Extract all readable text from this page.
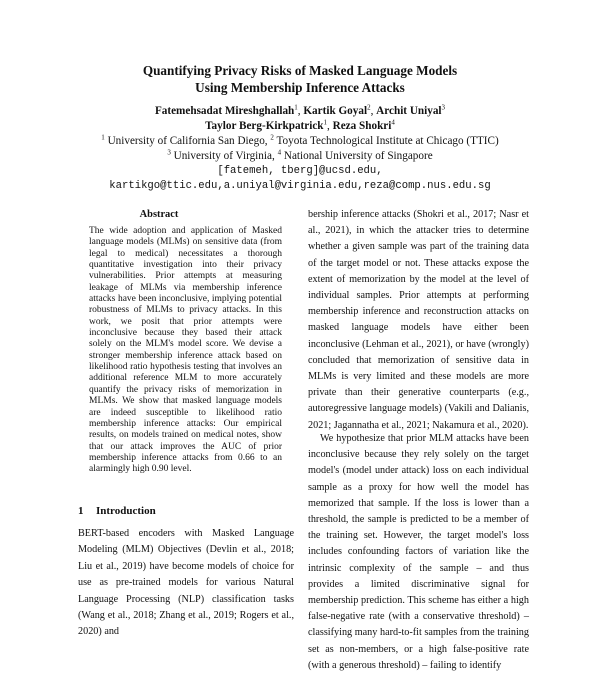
Quantifying Privacy Risks of Masked Language Models
Using Membership Inference Attacks
Fatemehsadat Mireshghallah$^1$, Kartik Goyal$^2$, Archit Uniyal$^3$
Taylor Berg-Kirkpatrick$^1$, Reza Shokri$^4$
$^1$ University of California San Diego, $^2$ Toyota Technological Institute at Chicago (TTIC)
$^3$ University of Virginia, $^4$ National University of Singapore
[fatemeh, tberg]@ucsd.edu,
kartikgo@ttic.edu,a.uniyal@virginia.edu,reza@comp.nus.edu.sg
Abstract
The wide adoption and application of Masked language models (MLMs) on sensitive data (from legal to medical) necessitates a thorough quantitative investigation into their privacy vulnerabilities. Prior attempts at measuring leakage of MLMs via membership inference attacks have been inconclusive, implying potential robustness of MLMs to privacy attacks. In this work, we posit that prior attempts were inconclusive because they based their attack solely on the MLM's model score. We devise a stronger membership inference attack based on likelihood ratio hypothesis testing that involves an additional reference MLM to more accurately quantify the privacy risks of memorization in MLMs. We show that masked language models are indeed susceptible to likelihood ratio membership inference attacks: Our empirical results, on models trained on medical notes, show that our attack improves the AUC of prior membership inference attacks from 0.66 to an alarmingly high 0.90 level.
1 Introduction
BERT-based encoders with Masked Language Modeling (MLM) Objectives (Devlin et al., 2018; Liu et al., 2019) have become models of choice for use as pre-trained models for various Natural Language Processing (NLP) classification tasks (Wang et al., 2018; Zhang et al., 2019; Rogers et al., 2020) and
bership inference attacks (Shokri et al., 2017; Nasr et al., 2021), in which the attacker tries to determine whether a given sample was part of the training data of the target model or not. These attacks expose the extent of memorization by the model at the level of individual samples. Prior attempts at performing membership inference and reconstruction attacks on masked language models have either been inconclusive (Lehman et al., 2021), or have (wrongly) concluded that memorization of sensitive data in MLMs is very limited and these models are more private than their generative counterparts (e.g., autoregressive language models) (Vakili and Dalianis, 2021; Jagannatha et al., 2021; Nakamura et al., 2020).
We hypothesize that prior MLM attacks have been inconclusive because they rely solely on the target model's (model under attack) loss on each individual sample as a proxy for how well the model has memorized that sample. If the loss is lower than a threshold, the sample is predicted to be a member of the training set. However, the target model's loss includes confounding factors of variation like the intrinsic complexity of the sample – and thus provides a limited discriminative signal for membership prediction. This scheme has either a high false-negative rate (with a conservative threshold) – classifying many hard-to-fit samples from the training set as non-members, or a high false-positive rate (with a generous threshold) – failing to identify
